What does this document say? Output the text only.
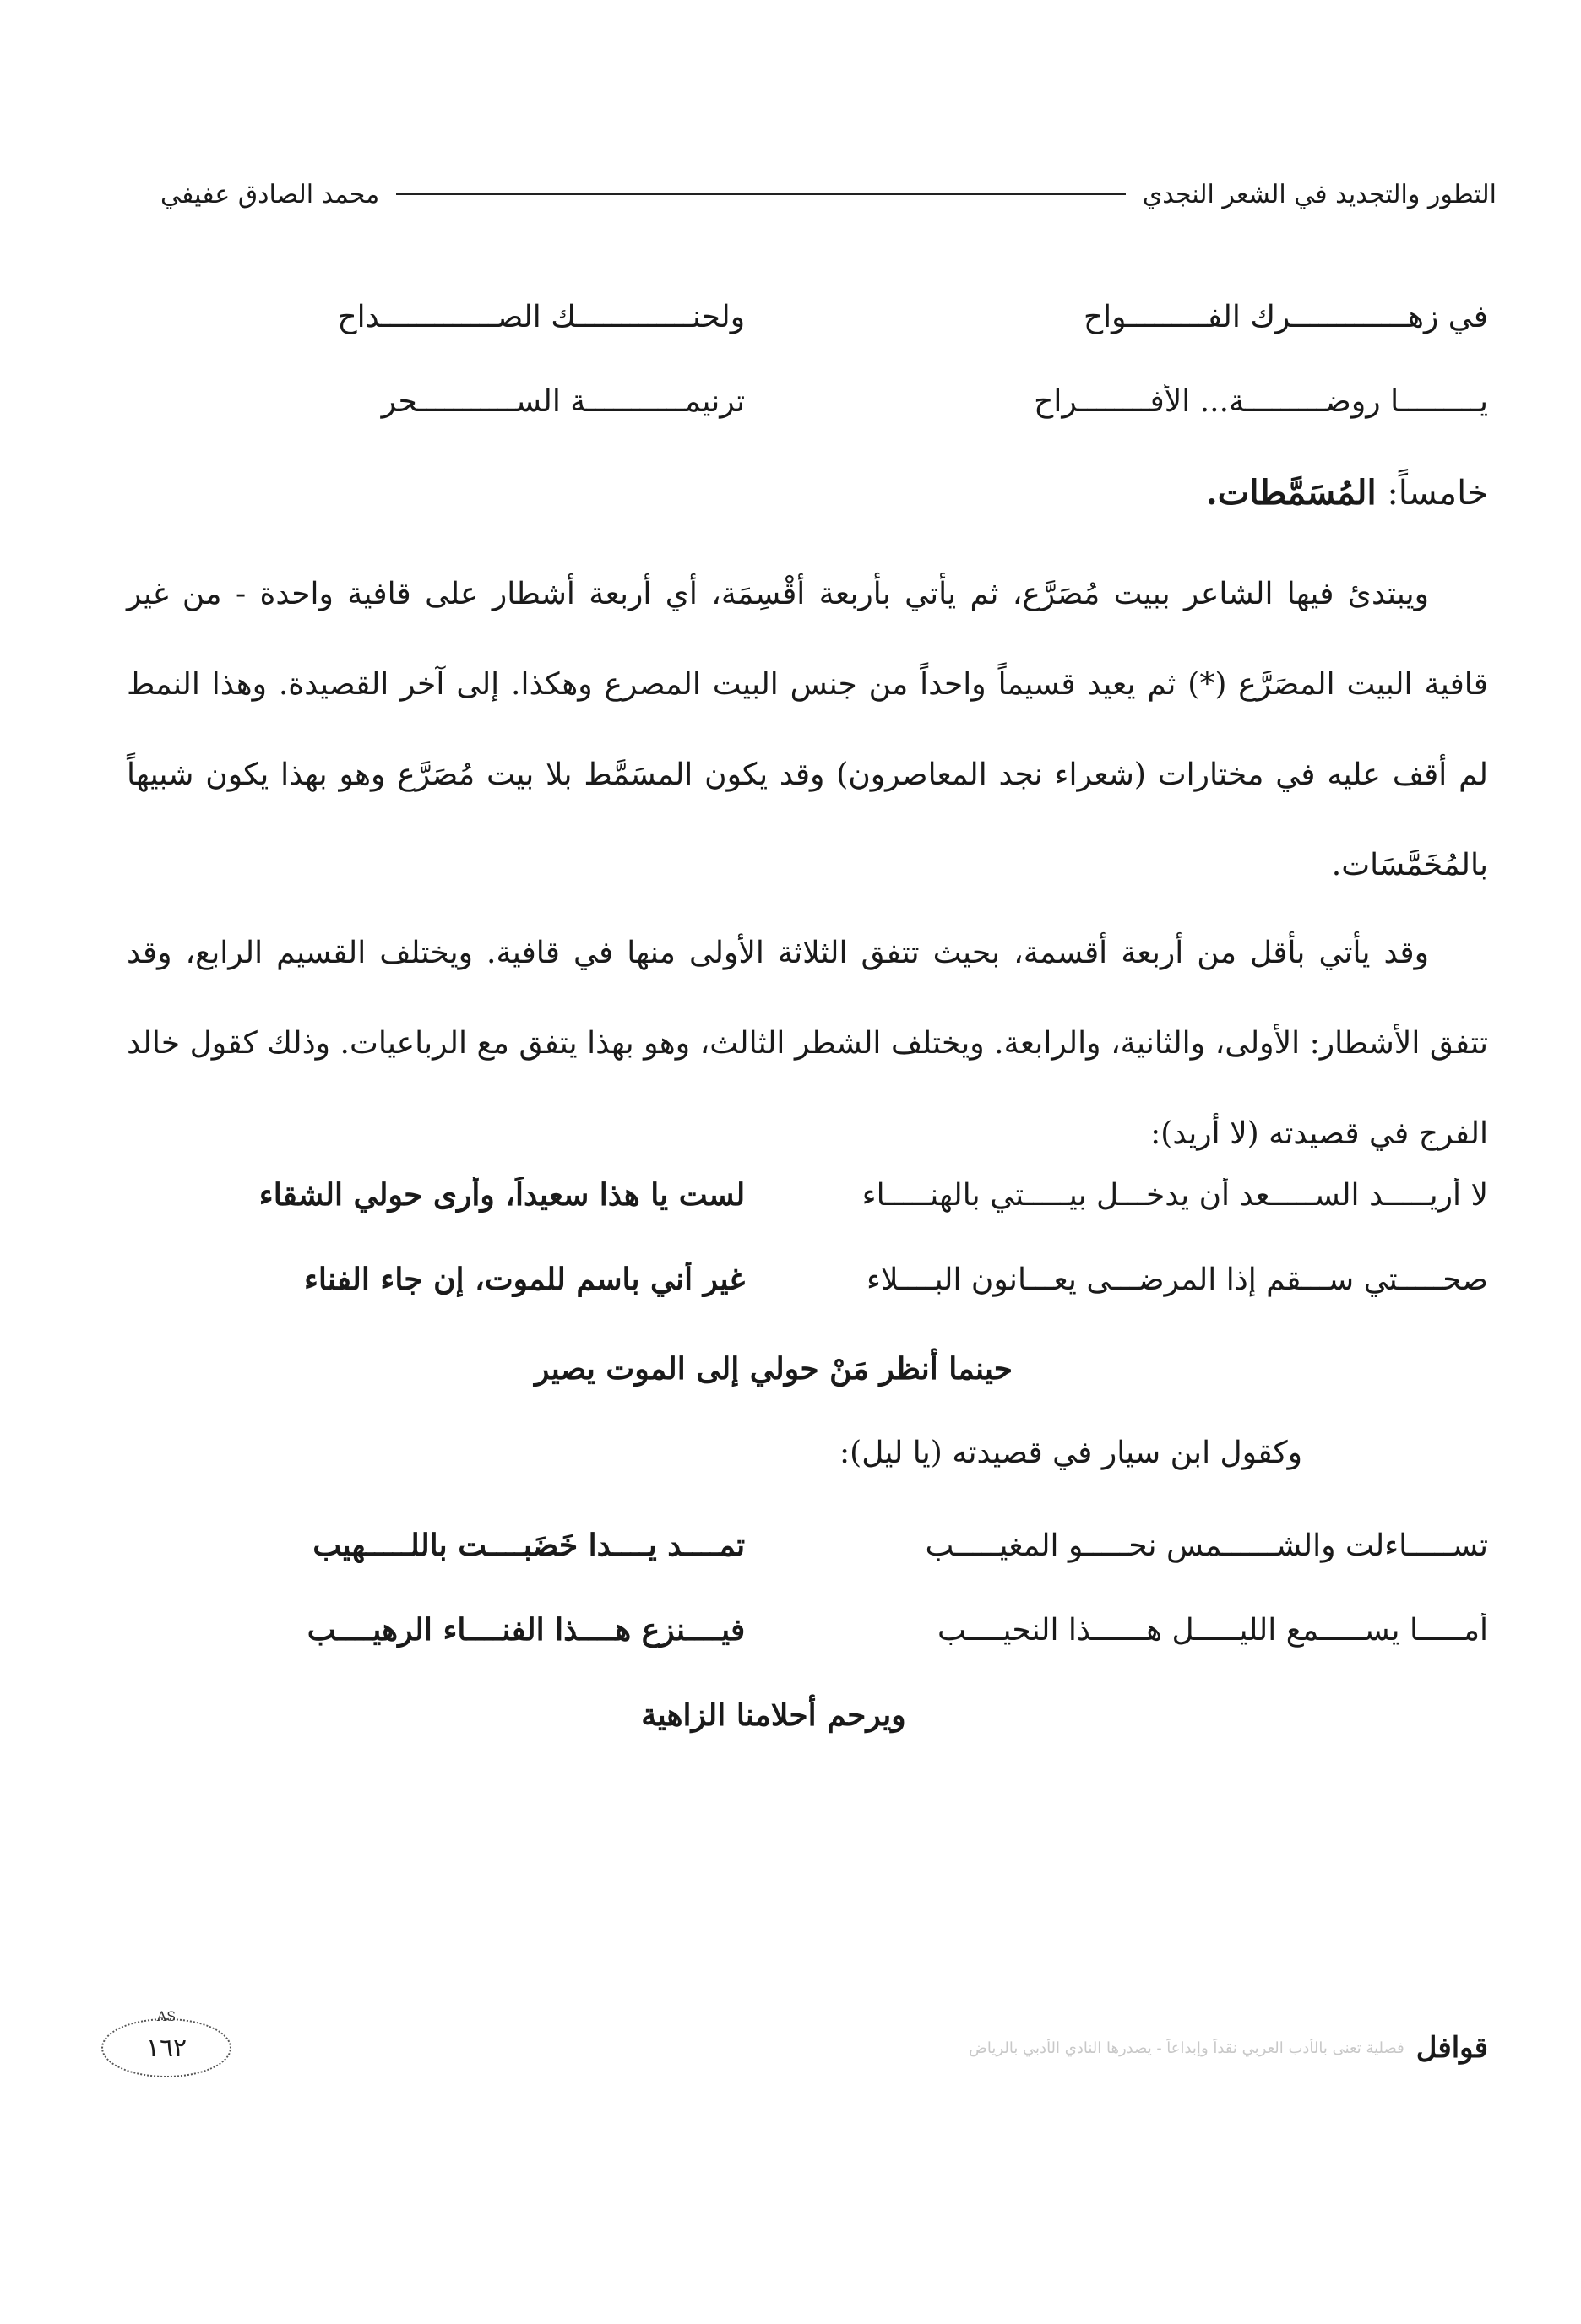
التطور والتجديد في الشعر النجدي
محمد الصادق عفيفي
في زهـــــــــــــرك الفـــــــــواح
ولحنـــــــــــــك الصـــــــــــــداح
يـــــــــا روضـــــــــة... الأفــــــــراح
ترنيمـــــــــــة الســـــــــــحر
خامساً: المُسَمَّطات.
ويبتدئ فيها الشاعر ببيت مُصَرَّع، ثم يأتي بأربعة أقْسِمَة، أي أربعة أشطار على قافية واحدة - من غير قافية البيت المصَرَّع (*) ثم يعيد قسيماً واحداً من جنس البيت المصرع وهكذا. إلى آخر القصيدة. وهذا النمط لم أقف عليه في مختارات (شعراء نجد المعاصرون) وقد يكون المسَمَّط بلا بيت مُصَرَّع وهو بهذا يكون شبيهاً بالمُخَمَّسَات.
وقد يأتي بأقل من أربعة أقسمة، بحيث تتفق الثلاثة الأولى منها في قافية. ويختلف القسيم الرابع، وقد تتفق الأشطار: الأولى، والثانية، والرابعة. ويختلف الشطر الثالث، وهو بهذا يتفق مع الرباعيات. وذلك كقول خالد الفرج في قصيدته (لا أريد):
لا أريـــــد الســـــعد أن يدخـــل بيـــــتي بالهنـــــاء
لست يا هذا سعيداً، وأرى حولي الشقاء
صحـــــتي ســـقم إذا المرضـــى يعـــانون البــــلاء
غير أني باسم للموت، إن جاء الفناء
حينما أنظر مَنْ حولي إلى الموت يصير
وكقول ابن سيار في قصيدته (يا ليل):
تســـــاءلت والشــــــمس نحـــــو المغيـــــب
تمــــد يــــدا خَضَبــــت باللـــــهيب
أمـــــا يســـــمع الليـــــل هــــــذا النحيــــب
فيــــنزع هــــذا الفنــــاء الرهيــــب
ويرحم أحلامنا الزاهية
قوافل
فصلية تعنى بالأدب العربي نقداً وإبداعاً - يصدرها النادي الأدبي بالرياض
AS
١٦٢
